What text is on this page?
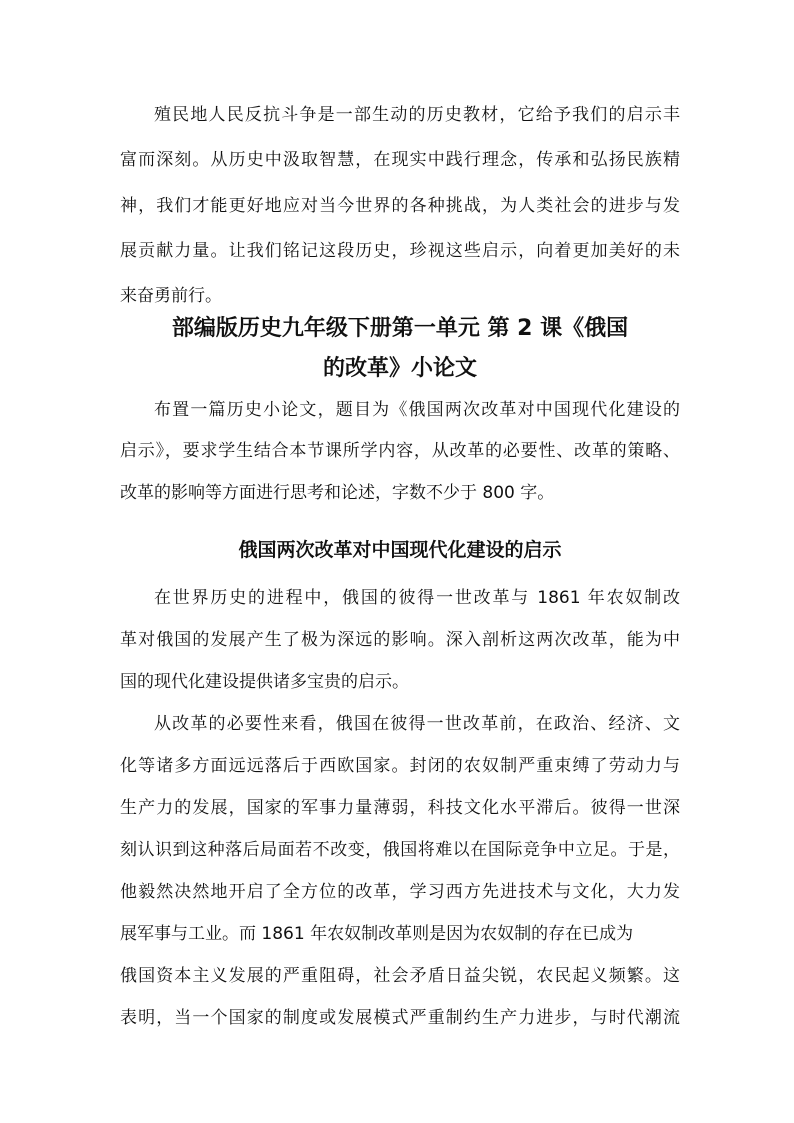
殖民地人民反抗斗争是一部生动的历史教材，它给予我们的启示丰
富而深刻。从历史中汲取智慧，在现实中践行理念，传承和弘扬民族精
神，我们才能更好地应对当今世界的各种挑战，为人类社会的进步与发
展贡献力量。让我们铭记这段历史，珍视这些启示，向着更加美好的未
来奋勇前行。
部编版历史九年级下册第一单元 第 2 课《俄国
的改革》小论文
布置一篇历史小论文，题目为《俄国两次改革对中国现代化建设的
启示》，要求学生结合本节课所学内容，从改革的必要性、改革的策略、
改革的影响等方面进行思考和论述，字数不少于 800 字。
俄国两次改革对中国现代化建设的启示
在世界历史的进程中，俄国的彼得一世改革与 1861 年农奴制改
革对俄国的发展产生了极为深远的影响。深入剖析这两次改革，能为中
国的现代化建设提供诸多宝贵的启示。
从改革的必要性来看，俄国在彼得一世改革前，在政治、经济、文
化等诸多方面远远落后于西欧国家。封闭的农奴制严重束缚了劳动力与
生产力的发展，国家的军事力量薄弱，科技文化水平滞后。彼得一世深
刻认识到这种落后局面若不改变，俄国将难以在国际竞争中立足。于是，
他毅然决然地开启了全方位的改革，学习西方先进技术与文化，大力发
展军事与工业。而 1861 年农奴制改革则是因为农奴制的存在已成为
俄国资本主义发展的严重阻碍，社会矛盾日益尖锐，农民起义频繁。这
表明，当一个国家的制度或发展模式严重制约生产力进步，与时代潮流
